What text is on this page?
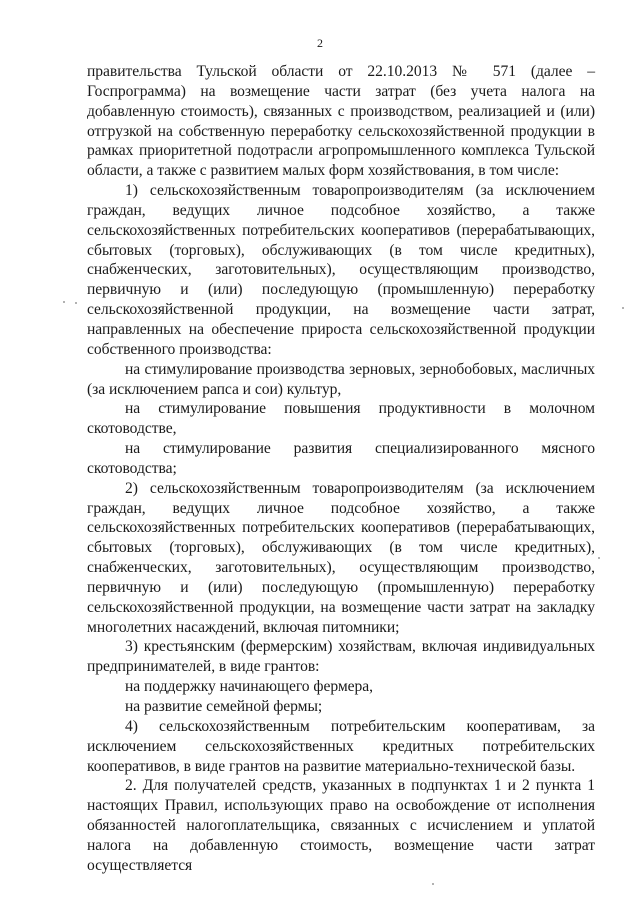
2

правительства Тульской области от 22.10.2013 № 571 (далее – Госпрограмма) на возмещение части затрат (без учета налога на добавленную стоимость), связанных с производством, реализацией и (или) отгрузкой на собственную переработку сельскохозяйственной продукции в рамках приоритетной подотрасли агропромышленного комплекса Тульской области, а также с развитием малых форм хозяйствования, в том числе:

1) сельскохозяйственным товаропроизводителям (за исключением граждан, ведущих личное подсобное хозяйство, а также сельскохозяйственных потребительских кооперативов (перерабатывающих, сбытовых (торговых), обслуживающих (в том числе кредитных), снабженческих, заготовительных), осуществляющим производство, первичную и (или) последующую (промышленную) переработку сельскохозяйственной продукции, на возмещение части затрат, направленных на обеспечение прироста сельскохозяйственной продукции собственного производства:

на стимулирование производства зерновых, зернобобовых, масличных (за исключением рапса и сои) культур,

на стимулирование повышения продуктивности в молочном скотоводстве,

на стимулирование развития специализированного мясного скотоводства;

2) сельскохозяйственным товаропроизводителям (за исключением граждан, ведущих личное подсобное хозяйство, а также сельскохозяйственных потребительских кооперативов (перерабатывающих, сбытовых (торговых), обслуживающих (в том числе кредитных), снабженческих, заготовительных), осуществляющим производство, первичную и (или) последующую (промышленную) переработку сельскохозяйственной продукции, на возмещение части затрат на закладку многолетних насаждений, включая питомники;

3) крестьянским (фермерским) хозяйствам, включая индивидуальных предпринимателей, в виде грантов:

на поддержку начинающего фермера,

на развитие семейной фермы;

4) сельскохозяйственным потребительским кооперативам, за исключением сельскохозяйственных кредитных потребительских кооперативов, в виде грантов на развитие материально-технической базы.

2. Для получателей средств, указанных в подпунктах 1 и 2 пункта 1 настоящих Правил, использующих право на освобождение от исполнения обязанностей налогоплательщика, связанных с исчислением и уплатой налога на добавленную стоимость, возмещение части затрат осуществляется
